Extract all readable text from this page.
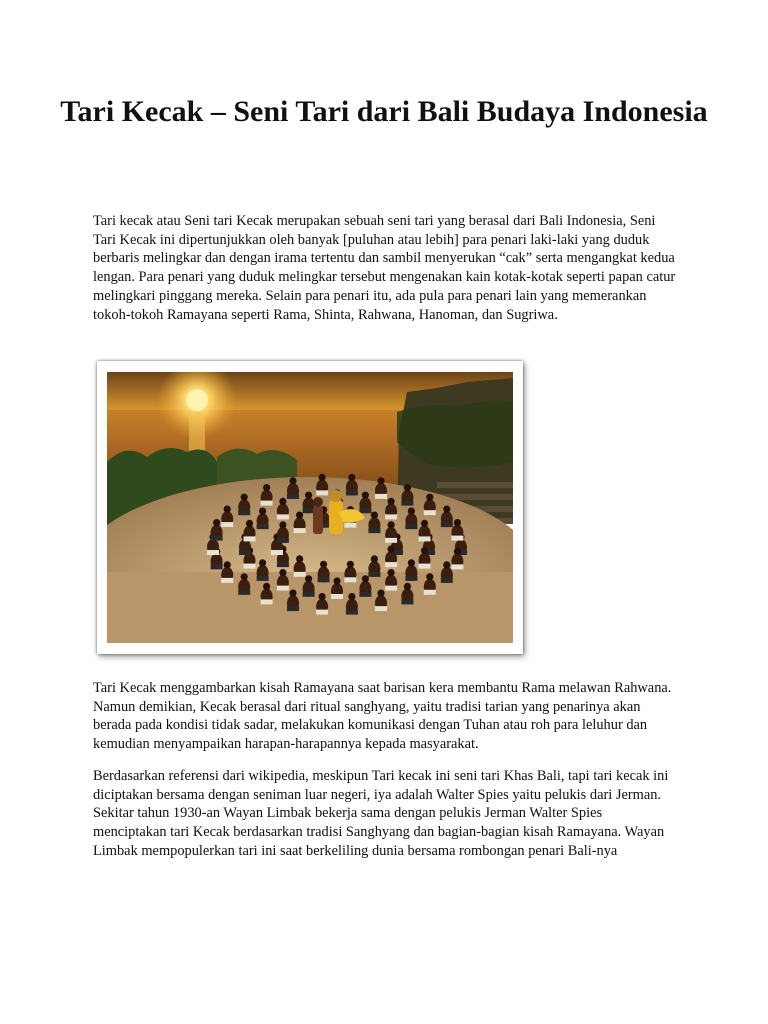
Tari Kecak – Seni Tari dari Bali Budaya Indonesia

Tari kecak atau Seni tari Kecak merupakan sebuah seni tari yang berasal dari Bali Indonesia, Seni Tari Kecak ini dipertunjukkan oleh banyak [puluhan atau lebih] para penari laki-laki yang duduk berbaris melingkar dan dengan irama tertentu dan sambil menyerukan “cak” serta mengangkat kedua lengan. Para penari yang duduk melingkar tersebut mengenakan kain kotak-kotak seperti papan catur melingkari pinggang mereka. Selain para penari itu, ada pula para penari lain yang memerankan tokoh-tokoh Ramayana seperti Rama, Shinta, Rahwana, Hanoman, dan Sugriwa.

Tari Kecak menggambarkan kisah Ramayana saat barisan kera membantu Rama melawan Rahwana. Namun demikian, Kecak berasal dari ritual sanghyang, yaitu tradisi tarian yang penarinya akan berada pada kondisi tidak sadar, melakukan komunikasi dengan Tuhan atau roh para leluhur dan kemudian menyampaikan harapan-harapannya kepada masyarakat.

Berdasarkan referensi dari wikipedia, meskipun Tari kecak ini seni tari Khas Bali, tapi tari kecak ini diciptakan bersama dengan seniman luar negeri, iya adalah Walter Spies yaitu pelukis dari Jerman. Sekitar tahun 1930-an Wayan Limbak bekerja sama dengan pelukis Jerman Walter Spies menciptakan tari Kecak berdasarkan tradisi Sanghyang dan bagian-bagian kisah Ramayana. Wayan Limbak mempopulerkan tari ini saat berkeliling dunia bersama rombongan penari Bali-nya
